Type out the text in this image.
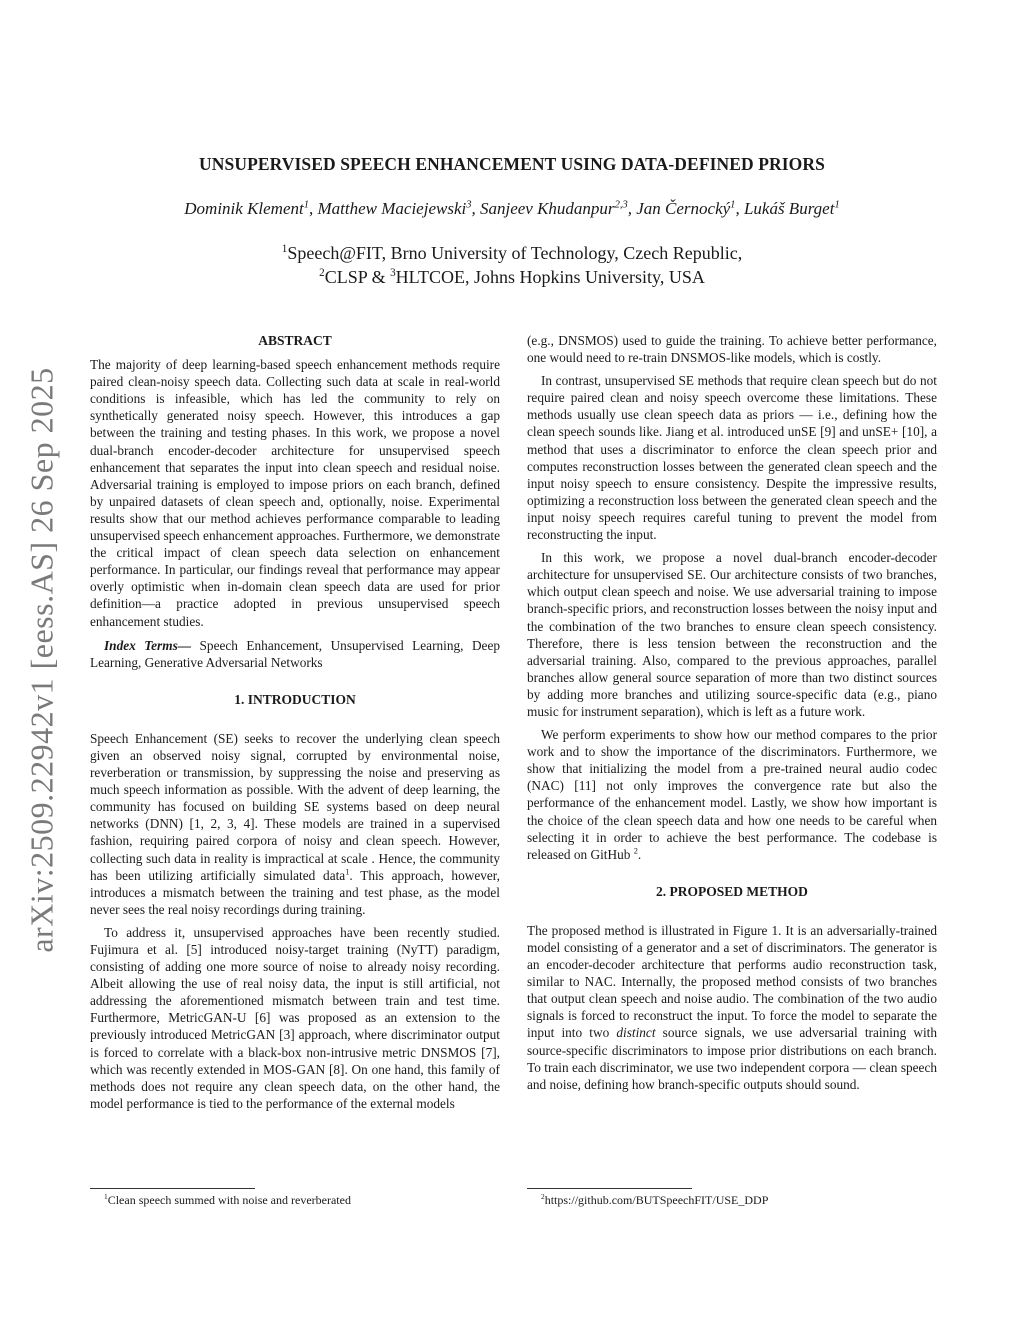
arXiv:2509.22942v1 [eess.AS] 26 Sep 2025
UNSUPERVISED SPEECH ENHANCEMENT USING DATA-DEFINED PRIORS
Dominik Klement$^1$, Matthew Maciejewski$^3$, Sanjeev Khudanpur$^{2,3}$, Jan Černocký$^1$, Lukáš Burget$^1$
$^1$Speech@FIT, Brno University of Technology, Czech Republic,
$^2$CLSP & $^3$HLTCOE, Johns Hopkins University, USA
ABSTRACT

The majority of deep learning-based speech enhancement methods require paired clean-noisy speech data. Collecting such data at scale in real-world conditions is infeasible, which has led the community to rely on synthetically generated noisy speech. However, this introduces a gap between the training and testing phases. In this work, we propose a novel dual-branch encoder-decoder architecture for unsupervised speech enhancement that separates the input into clean speech and residual noise. Adversarial training is employed to impose priors on each branch, defined by unpaired datasets of clean speech and, optionally, noise. Experimental results show that our method achieves performance comparable to leading unsupervised speech enhancement approaches. Furthermore, we demonstrate the critical impact of clean speech data selection on enhancement performance. In particular, our findings reveal that performance may appear overly optimistic when in-domain clean speech data are used for prior definition—a practice adopted in previous unsupervised speech enhancement studies.

Index Terms— Speech Enhancement, Unsupervised Learning, Deep Learning, Generative Adversarial Networks

1. INTRODUCTION

Speech Enhancement (SE) seeks to recover the underlying clean speech given an observed noisy signal, corrupted by environmental noise, reverberation or transmission, by suppressing the noise and preserving as much speech information as possible. With the advent of deep learning, the community has focused on building SE systems based on deep neural networks (DNN) [1, 2, 3, 4]. These models are trained in a supervised fashion, requiring paired corpora of noisy and clean speech. However, collecting such data in reality is impractical at scale . Hence, the community has been utilizing artificially simulated data$^1$. This approach, however, introduces a mismatch between the training and test phase, as the model never sees the real noisy recordings during training.

To address it, unsupervised approaches have been recently studied. Fujimura et al. [5] introduced noisy-target training (NyTT) paradigm, consisting of adding one more source of noise to already noisy recording. Albeit allowing the use of real noisy data, the input is still artificial, not addressing the aforementioned mismatch between train and test time. Furthermore, MetricGAN-U [6] was proposed as an extension to the previously introduced MetricGAN [3] approach, where discriminator output is forced to correlate with a black-box non-intrusive metric DNSMOS [7], which was recently extended in MOS-GAN [8]. On one hand, this family of methods does not require any clean speech data, on the other hand, the model performance is tied to the performance of the external models

(e.g., DNSMOS) used to guide the training. To achieve better performance, one would need to re-train DNSMOS-like models, which is costly.

In contrast, unsupervised SE methods that require clean speech but do not require paired clean and noisy speech overcome these limitations. These methods usually use clean speech data as priors — i.e., defining how the clean speech sounds like. Jiang et al. introduced unSE [9] and unSE+ [10], a method that uses a discriminator to enforce the clean speech prior and computes reconstruction losses between the generated clean speech and the input noisy speech to ensure consistency. Despite the impressive results, optimizing a reconstruction loss between the generated clean speech and the input noisy speech requires careful tuning to prevent the model from reconstructing the input.

In this work, we propose a novel dual-branch encoder-decoder architecture for unsupervised SE. Our architecture consists of two branches, which output clean speech and noise. We use adversarial training to impose branch-specific priors, and reconstruction losses between the noisy input and the combination of the two branches to ensure clean speech consistency. Therefore, there is less tension between the reconstruction and the adversarial training. Also, compared to the previous approaches, parallel branches allow general source separation of more than two distinct sources by adding more branches and utilizing source-specific data (e.g., piano music for instrument separation), which is left as a future work.

We perform experiments to show how our method compares to the prior work and to show the importance of the discriminators. Furthermore, we show that initializing the model from a pre-trained neural audio codec (NAC) [11] not only improves the convergence rate but also the performance of the enhancement model. Lastly, we show how important is the choice of the clean speech data and how one needs to be careful when selecting it in order to achieve the best performance. The codebase is released on GitHub $^2$.

2. PROPOSED METHOD

The proposed method is illustrated in Figure 1. It is an adversarially-trained model consisting of a generator and a set of discriminators. The generator is an encoder-decoder architecture that performs audio reconstruction task, similar to NAC. Internally, the proposed method consists of two branches that output clean speech and noise audio. The combination of the two audio signals is forced to reconstruct the input. To force the model to separate the input into two distinct source signals, we use adversarial training with source-specific discriminators to impose prior distributions on each branch. To train each discriminator, we use two independent corpora — clean speech and noise, defining how branch-specific outputs should sound.

$^1$Clean speech summed with noise and reverberated	$^2$https://github.com/BUTSpeechFIT/USE_DDP
